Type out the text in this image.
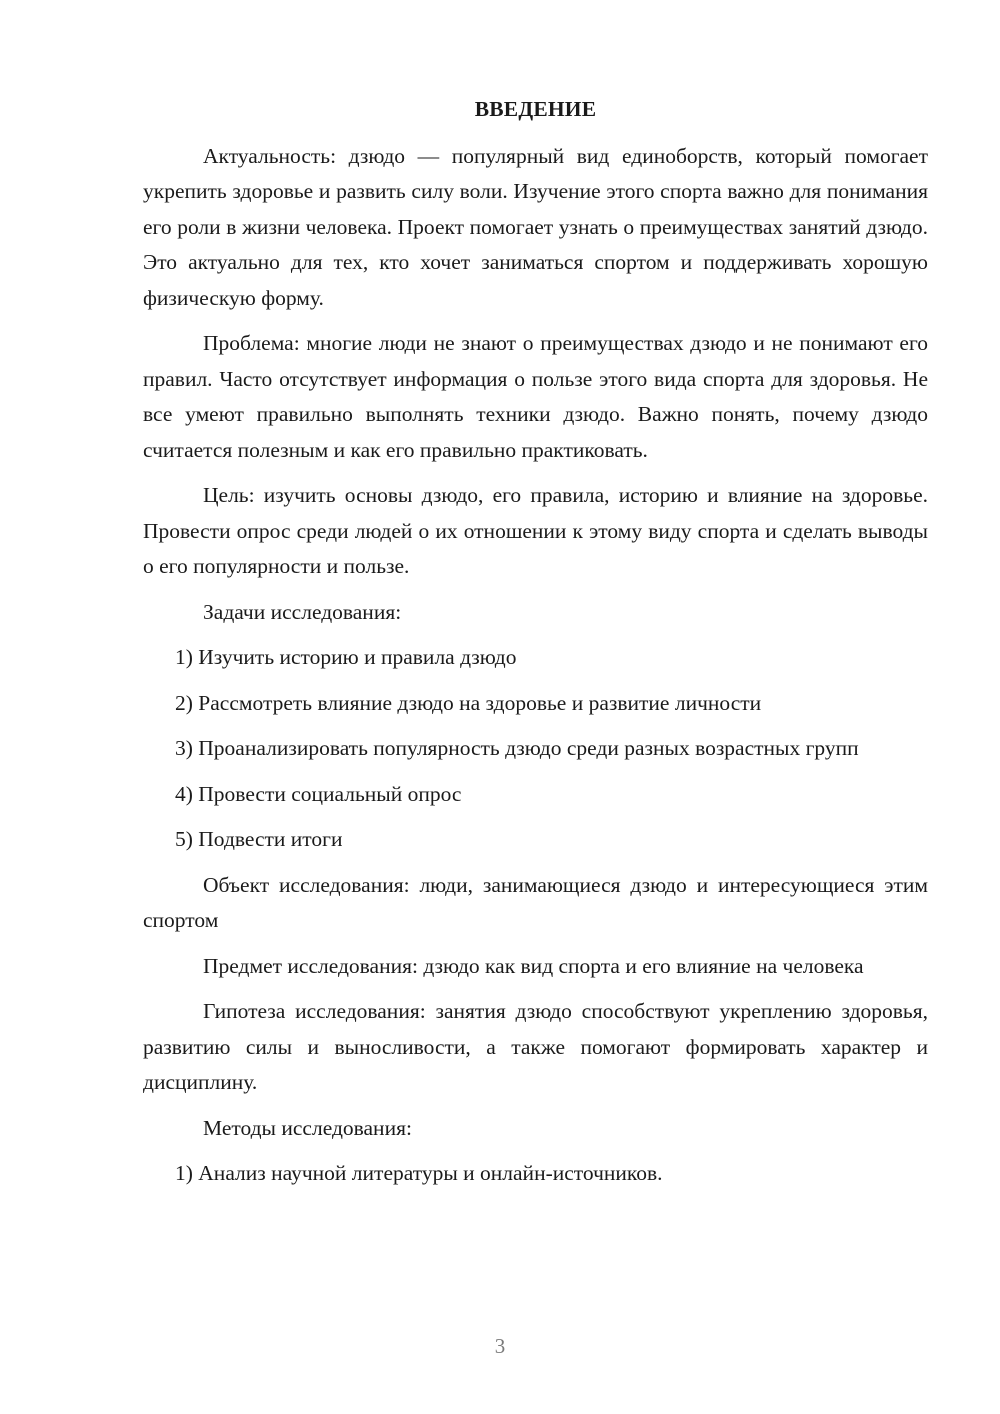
ВВЕДЕНИЕ

Актуальность: дзюдо — популярный вид единоборств, который помогает укрепить здоровье и развить силу воли. Изучение этого спорта важно для понимания его роли в жизни человека. Проект помогает узнать о преимуществах занятий дзюдо. Это актуально для тех, кто хочет заниматься спортом и поддерживать хорошую физическую форму.

Проблема: многие люди не знают о преимуществах дзюдо и не понимают его правил. Часто отсутствует информация о пользе этого вида спорта для здоровья. Не все умеют правильно выполнять техники дзюдо. Важно понять, почему дзюдо считается полезным и как его правильно практиковать.

Цель: изучить основы дзюдо, его правила, историю и влияние на здоровье. Провести опрос среди людей о их отношении к этому виду спорта и сделать выводы о его популярности и пользе.

Задачи исследования:

1) Изучить историю и правила дзюдо

2) Рассмотреть влияние дзюдо на здоровье и развитие личности

3) Проанализировать популярность дзюдо среди разных возрастных групп

4) Провести социальный опрос

5) Подвести итоги

Объект исследования: люди, занимающиеся дзюдо и интересующиеся этим спортом

Предмет исследования: дзюдо как вид спорта и его влияние на человека

Гипотеза исследования: занятия дзюдо способствуют укреплению здоровья, развитию силы и выносливости, а также помогают формировать характер и дисциплину.

Методы исследования:

1) Анализ научной литературы и онлайн-источников.

3
